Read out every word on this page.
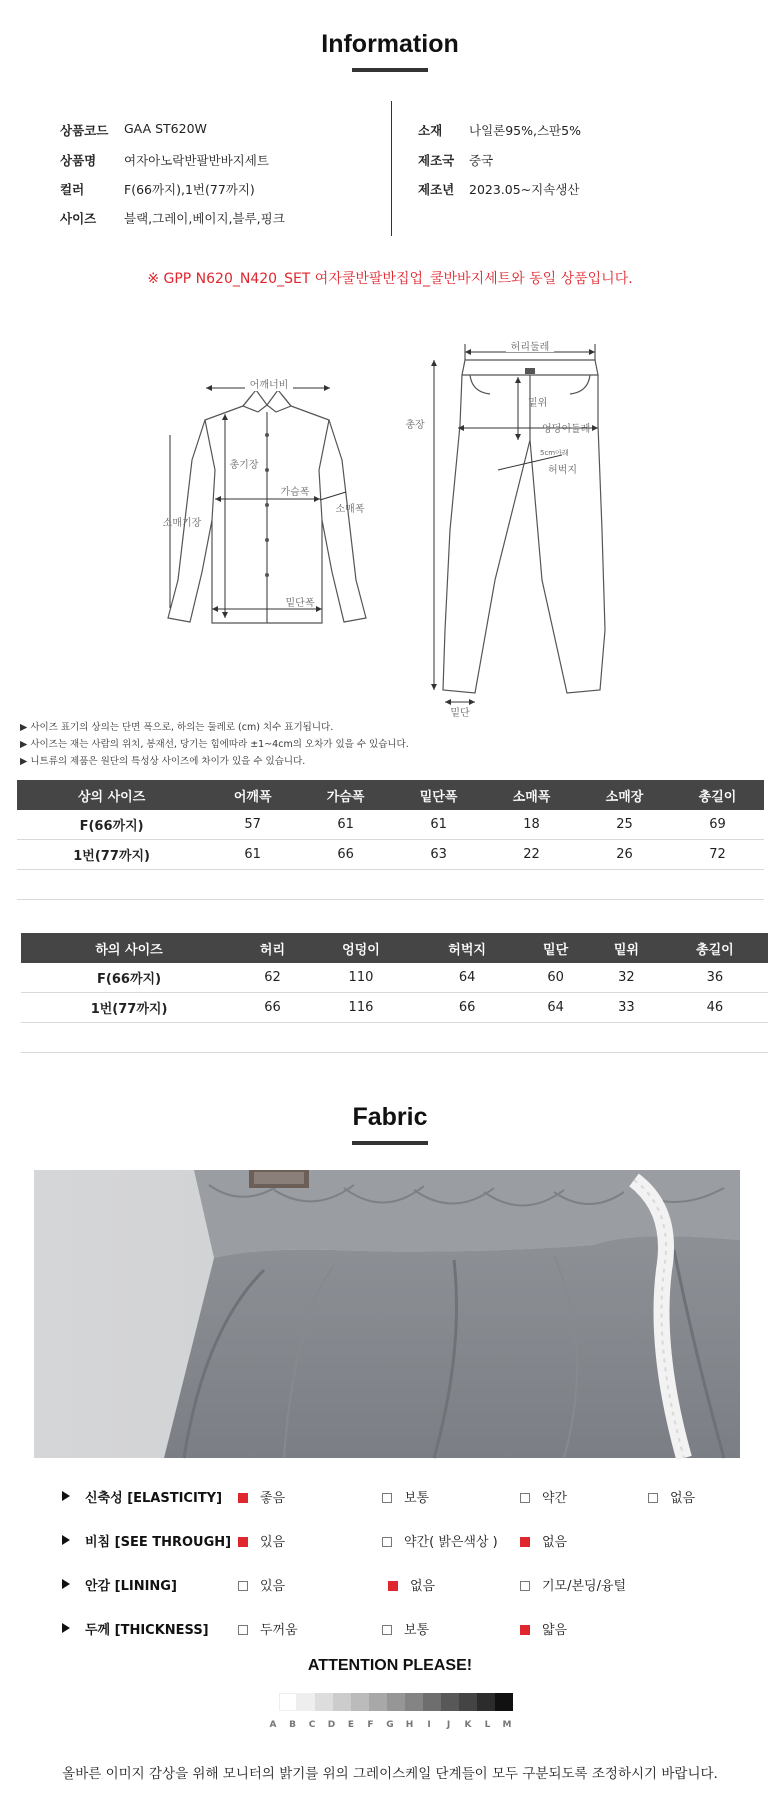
Information
상품코드 GAA ST620W
상품명 여자아노락반팔반바지세트
컬러	F(66까지),1번(77까지)
사이즈 블랙,그레이,베이지,블루,핑크
소재 나일론95%,스판5%
제조국 중국
제조년 2023.05~지속생산
※ GPP N620_N420_SET 여자쿨반팔반집업_쿨반바지세트와 동일 상품입니다.
어깨너비
총기장
가슴폭
소매폭
소매기장
밑단폭
허리둘레
총장
밑위
엉덩이둘레
5cm아래
허벅지
밑단
▶ 사이즈 표기의 상의는 단면 폭으로, 하의는 둘레로 (cm) 치수 표기됩니다.
▶ 사이즈는 재는 사람의 위치, 봉재선, 당기는 힘에따라 ±1~4cm의 오차가 있을 수 있습니다.
▶ 니트류의 제품은 원단의 특성상 사이즈에 차이가 있을 수 있습니다.
상의 사이즈	어깨폭	가슴폭	밑단폭	소매폭	소매장	총길이
F(66까지)	57	61	61	18	25	69
1번(77까지)	61	66	63	22	26	72

하의 사이즈	허리	엉덩이	허벅지	밑단	밑위	총길이
F(66까지)	62	110	64	60	32	36
1번(77까지)	66	116	66	64	33	46

Fabric
신축성 [ELASTICITY]	좋음	보통	약간	없음
비침 [SEE THROUGH]	있음	약간( 밝은색상 )	없음
안감 [LINING]	있음	없음	기모/본딩/융털
두께 [THICKNESS]	두꺼움	보통	얇음
ATTENTION PLEASE!
A	B	C	D	E	F	G	H	I	J	K	L	M
올바른 이미지 감상을 위해 모니터의 밝기를 위의 그레이스케일 단계들이 모두 구분되도록 조정하시기 바랍니다.
